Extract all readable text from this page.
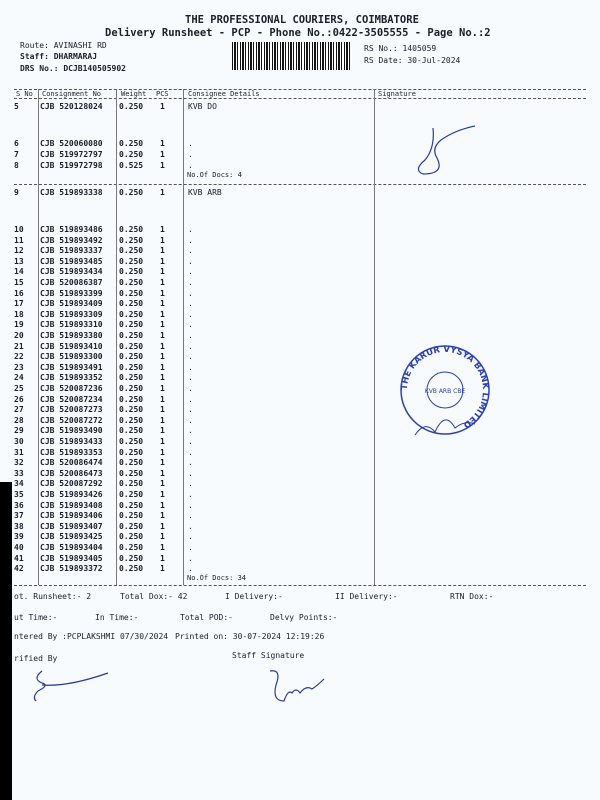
THE PROFESSIONAL COURIERS, COIMBATORE
Delivery Runsheet - PCP - Phone No.:0422-3505555 - Page No.:2
Route: AVINASHI RD
Staff: DHARMARAJ
DRS No.: DCJB140505902
RS No.: 1405059
RS Date: 30-Jul-2024
S No Consignment No	Weight PCS	Consignee Details	Signature
5	CJB 520128024 0.250 1	KVB DO
6	CJB 520060080 0.250 1	.
7	CJB 519972797 0.250 1	.
8	CJB 519972798 0.525 1	.
No.Of Docs: 4
9	CJB 519893338 0.250 1	KVB ARB
10 CJB 519893486 0.250 1	.
11 CJB 519893492 0.250 1	.
12 CJB 519893337 0.250 1	.
13 CJB 519893485 0.250 1	.
14 CJB 519893434 0.250 1	.
15 CJB 520086387 0.250 1	.
16 CJB 519893399 0.250 1	.
17 CJB 519893409 0.250 1	.
18 CJB 519893309 0.250 1	.
19 CJB 519893310 0.250 1	.
20 CJB 519893380 0.250 1	.
21 CJB 519893410 0.250 1	.
22 CJB 519893300 0.250 1	.
23 CJB 519893491 0.250 1	.
24 CJB 519893352 0.250 1	.
25 CJB 520087236 0.250 1	.
26 CJB 520087234 0.250 1	.
27 CJB 520087273 0.250 1	.
28 CJB 520087272 0.250 1	.
29 CJB 519893490 0.250 1	.
30 CJB 519893433 0.250 1	.
31 CJB 519893353 0.250 1	.
32 CJB 520086474 0.250 1	.
33 CJB 520086473 0.250 1	.
34 CJB 520087292 0.250 1	.
35 CJB 519893426 0.250 1	.
36 CJB 519893408 0.250 1	.
37 CJB 519893406 0.250 1	.
38 CJB 519893407 0.250 1	.
39 CJB 519893425 0.250 1	.
40 CJB 519893404 0.250 1	.
41 CJB 519893405 0.250 1	.
42 CJB 519893372 0.250 1	.
No.Of Docs: 34
THE KARUR VYSYA BANK LIMITED
KVB ARB CBE
ot. Runsheet:- 2	Total Dox:- 42	I Delivery:-	II Delivery:-	RTN Dox:-
ut Time:-	In Time:-	Total POD:-	Delvy Points:-
ntered By :PCPLAKSHMI 07/30/2024 Printed on: 30-07-2024 12:19:26
rified By	Staff Signature
